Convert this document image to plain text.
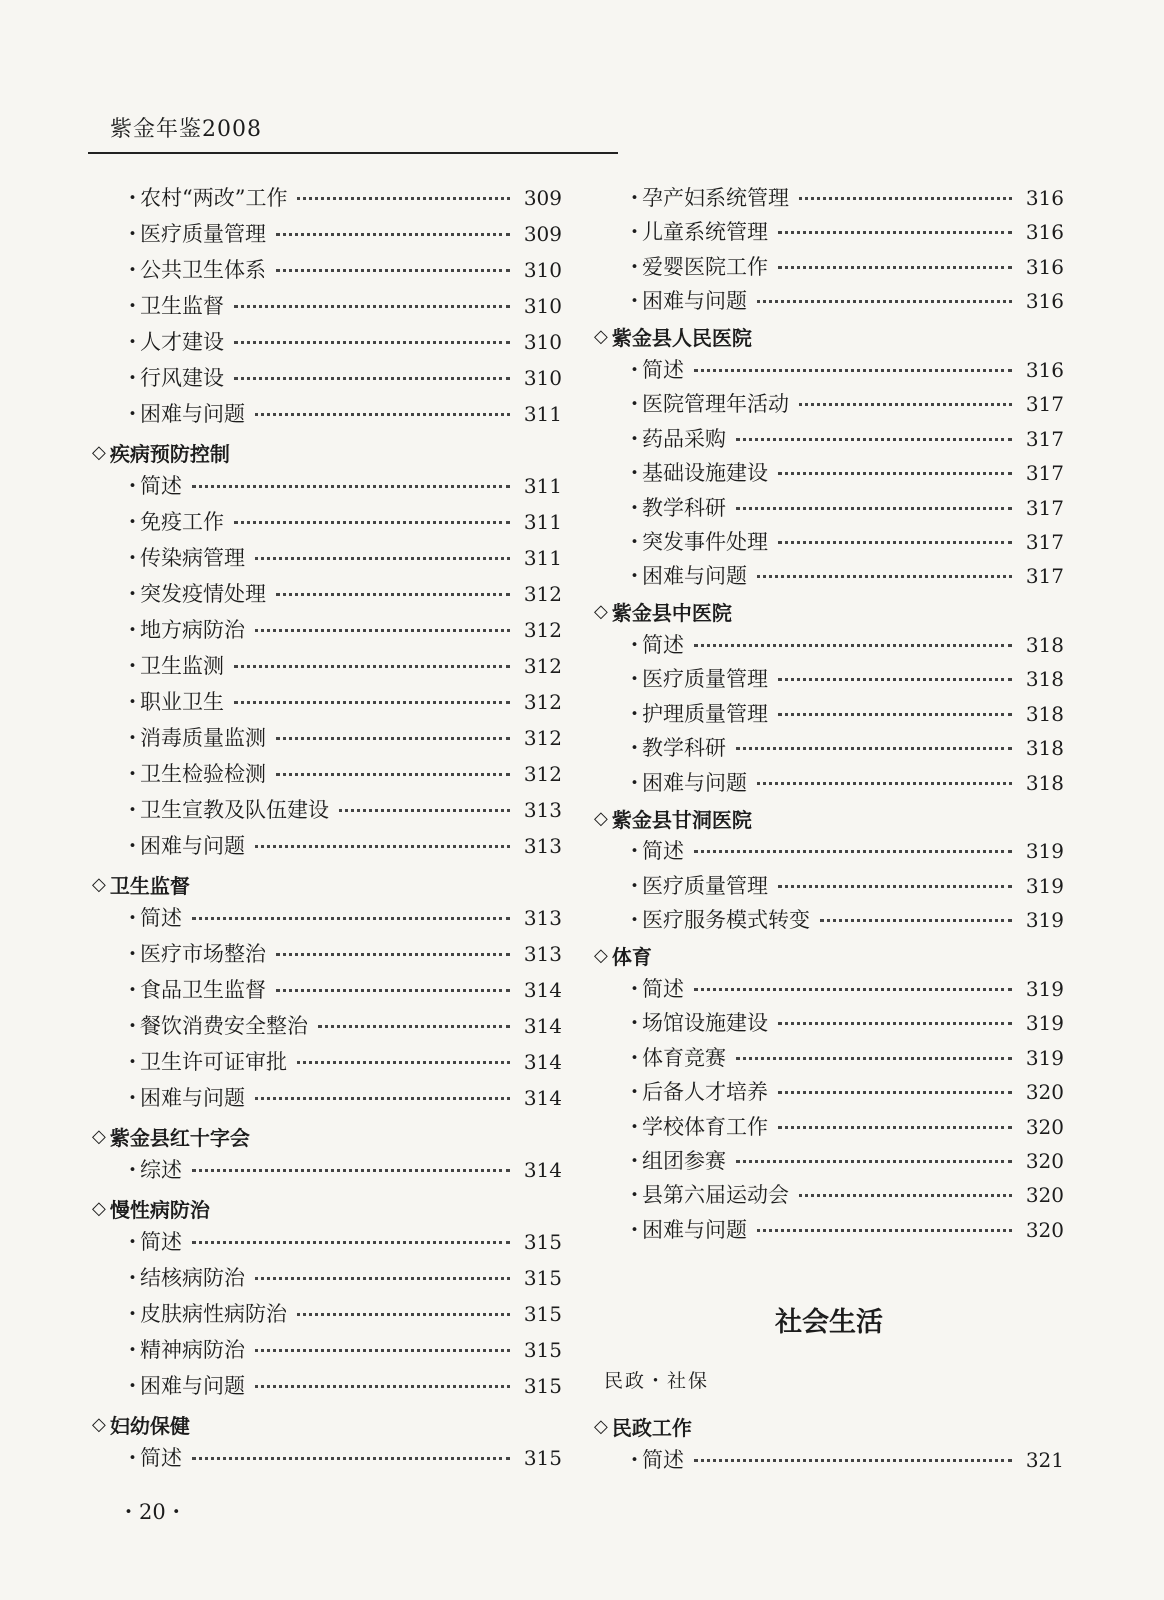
紫金年鉴2008
・
农村“两改”工作	309
・
医疗质量管理	309
・
公共卫生体系	310
・
卫生监督	310
・
人才建设	310
・
行风建设	310
・
困难与问题	311
◇ 疾病预防控制
・
简述	311
・
免疫工作	311
・
传染病管理	311
・
突发疫情处理	312
・
地方病防治	312
・
卫生监测	312
・
职业卫生	312
・
消毒质量监测	312
・
卫生检验检测	312
・
卫生宣教及队伍建设	313
・
困难与问题	313
◇ 卫生监督
・
简述	313
・
医疗市场整治	313
・
食品卫生监督	314
・
餐饮消费安全整治	314
・
卫生许可证审批	314
・
困难与问题	314
◇ 紫金县红十字会
・
综述	314
◇ 慢性病防治
・
简述	315
・
结核病防治	315
・
皮肤病性病防治	315
・
精神病防治	315
・
困难与问题	315
◇ 妇幼保健
・
简述	315
・
孕产妇系统管理	316
・
儿童系统管理	316
・
爱婴医院工作	316
・
困难与问题	316
◇ 紫金县人民医院
・
简述	316
・
医院管理年活动	317
・
药品采购	317
・
基础设施建设	317
・
教学科研	317
・
突发事件处理	317
・
困难与问题	317
◇ 紫金县中医院
・
简述	318
・
医疗质量管理	318
・
护理质量管理	318
・
教学科研	318
・
困难与问题	318
◇ 紫金县甘洞医院
・
简述	319
・
医疗质量管理	319
・
医疗服务模式转变	319
◇ 体育
・
简述	319
・
场馆设施建设	319
・
体育竞赛	319
・
后备人才培养	320
・
学校体育工作	320
・
组团参赛	320
・
县第六届运动会	320
・
困难与问题	320
社会生活
民政・社保
◇ 民政工作
・
简述	321
・20・
